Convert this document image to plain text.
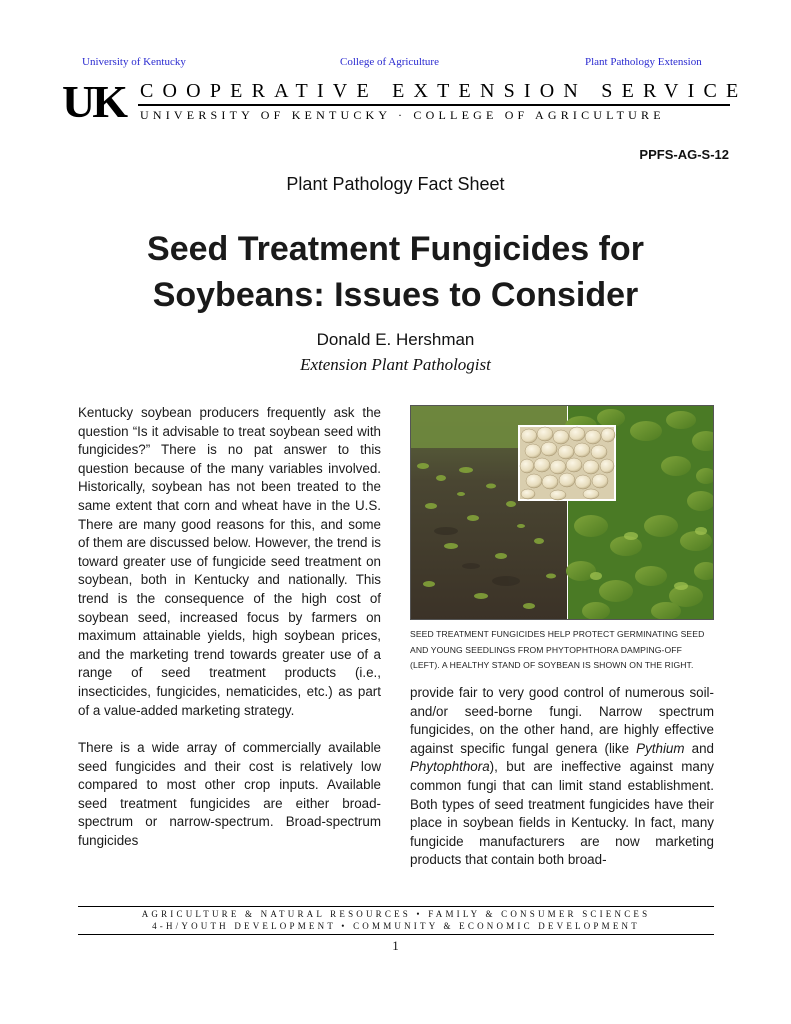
University of Kentucky	College of Agriculture	Plant Pathology Extension
UK COOPERATIVE EXTENSION SERVICE
UNIVERSITY OF KENTUCKY · COLLEGE OF AGRICULTURE
PPFS-AG-S-12
Plant Pathology Fact Sheet
Seed Treatment Fungicides for
Soybeans: Issues to Consider
Donald E. Hershman
Extension Plant Pathologist

Kentucky soybean producers frequently ask the question “Is it advisable to treat soybean seed with fungicides?” There is no pat answer to this question because of the many variables involved. Historically, soybean has not been treated to the same extent that corn and wheat have in the U.S. There are many good reasons for this, and some of them are discussed below. However, the trend is toward greater use of fungicide seed treatment on soybean, both in Kentucky and nationally. This trend is the consequence of the high cost of soybean seed, increased focus by farmers on maximum attainable yields, high soybean prices, and the marketing trend towards greater use of a range of seed treatment products (i.e., insecticides, fungicides, nematicides, etc.) as part of a value-added marketing strategy.

There is a wide array of commercially available seed fungicides and their cost is relatively low compared to most other crop inputs. Available seed treatment fungicides are either broad-spectrum or narrow-spectrum. Broad-spectrum fungicides

SEED TREATMENT FUNGICIDES HELP PROTECT GERMINATING SEED AND YOUNG SEEDLINGS FROM PHYTOPHTHORA DAMPING-OFF (LEFT). A HEALTHY STAND OF SOYBEAN IS SHOWN ON THE RIGHT.

provide fair to very good control of numerous soil- and/or seed-borne fungi. Narrow spectrum fungicides, on the other hand, are highly effective against specific fungal genera (like Pythium and Phytophthora), but are ineffective against many common fungi that can limit stand establishment. Both types of seed treatment fungicides have their place in soybean fields in Kentucky. In fact, many fungicide manufacturers are now marketing products that contain both broad-

AGRICULTURE & NATURAL RESOURCES • FAMILY & CONSUMER SCIENCES
4-H/YOUTH DEVELOPMENT • COMMUNITY & ECONOMIC DEVELOPMENT
1
